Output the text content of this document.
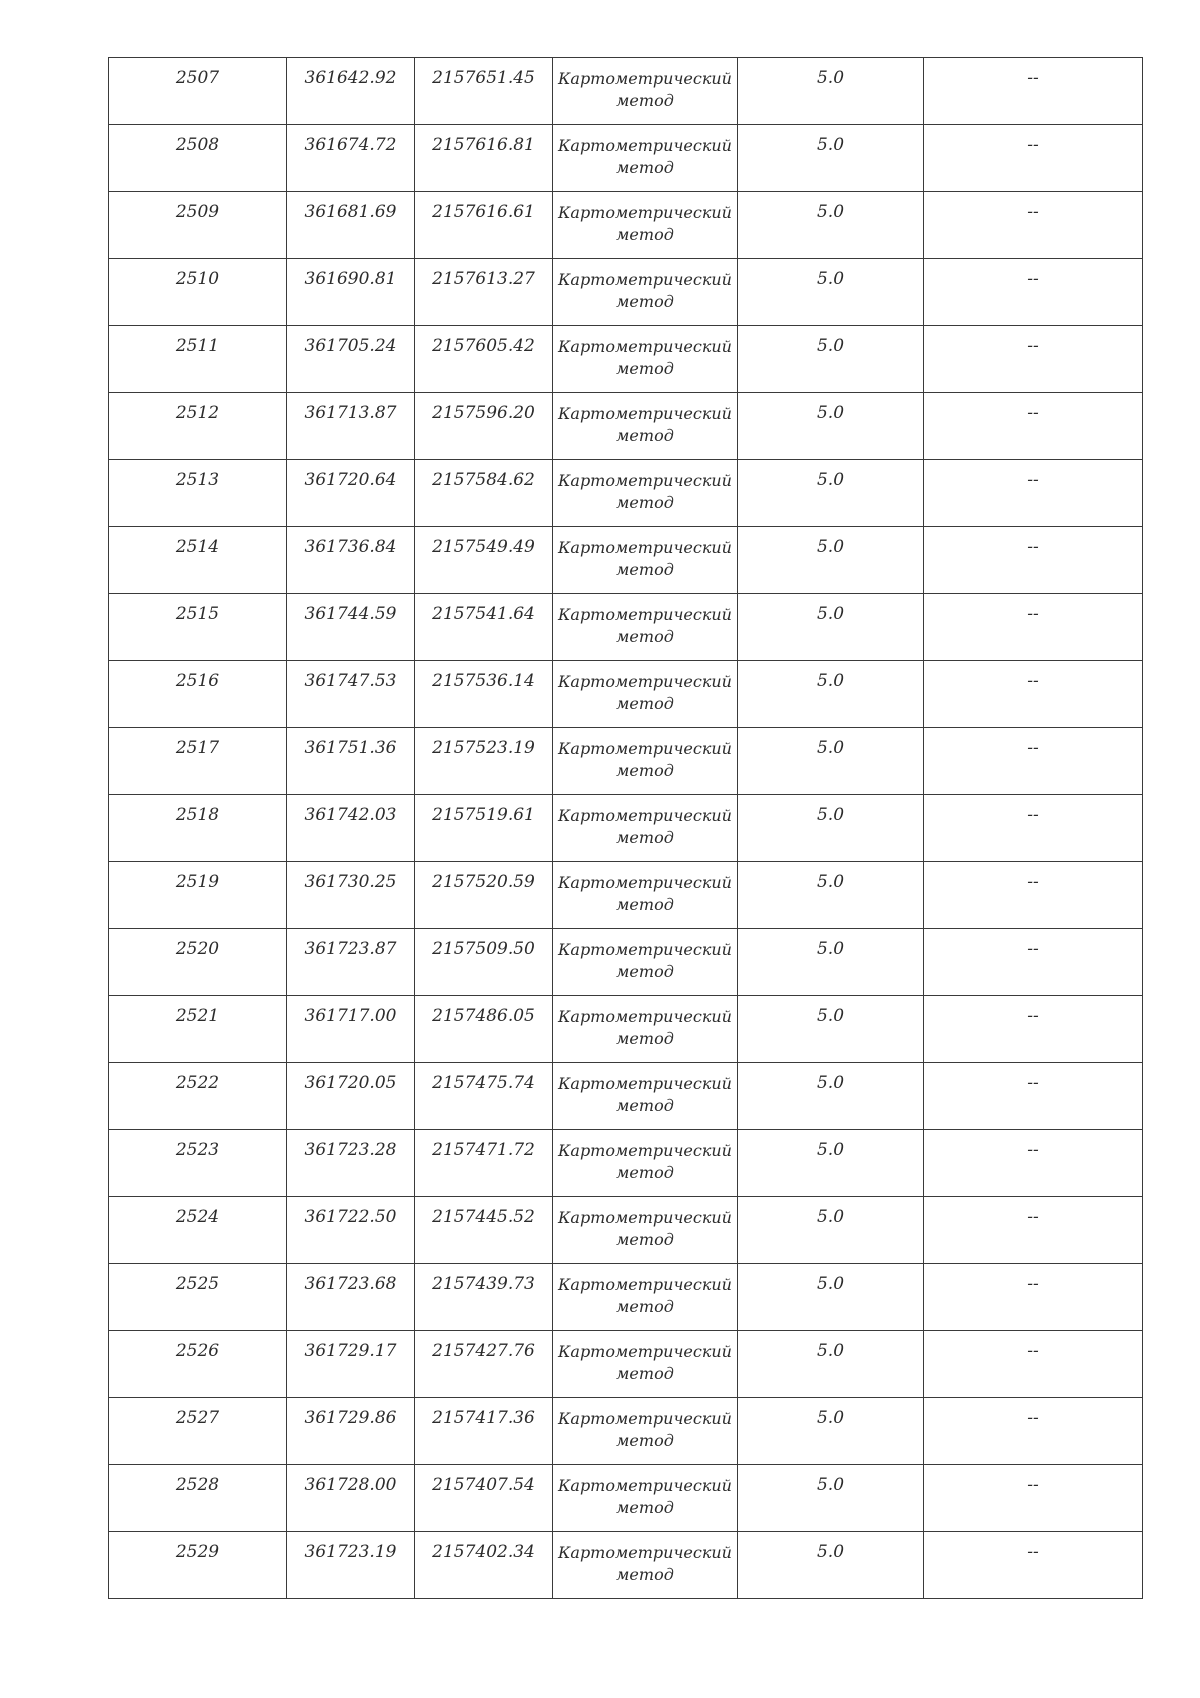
2507	361642.92	2157651.45	Картометрический метод	5.0	--

2508	361674.72	2157616.81	Картометрический метод	5.0	--

2509	361681.69	2157616.61	Картометрический метод	5.0	--

2510	361690.81	2157613.27	Картометрический метод	5.0	--

2511	361705.24	2157605.42	Картометрический метод	5.0	--

2512	361713.87	2157596.20	Картометрический метод	5.0	--

2513	361720.64	2157584.62	Картометрический метод	5.0	--

2514	361736.84	2157549.49	Картометрический метод	5.0	--

2515	361744.59	2157541.64	Картометрический метод	5.0	--

2516	361747.53	2157536.14	Картометрический метод	5.0	--

2517	361751.36	2157523.19	Картометрический метод	5.0	--

2518	361742.03	2157519.61	Картометрический метод	5.0	--

2519	361730.25	2157520.59	Картометрический метод	5.0	--

2520	361723.87	2157509.50	Картометрический метод	5.0	--

2521	361717.00	2157486.05	Картометрический метод	5.0	--

2522	361720.05	2157475.74	Картометрический метод	5.0	--

2523	361723.28	2157471.72	Картометрический метод	5.0	--

2524	361722.50	2157445.52	Картометрический метод	5.0	--

2525	361723.68	2157439.73	Картометрический метод	5.0	--

2526	361729.17	2157427.76	Картометрический метод	5.0	--

2527	361729.86	2157417.36	Картометрический метод	5.0	--

2528	361728.00	2157407.54	Картометрический метод	5.0	--

2529	361723.19	2157402.34	Картометрический метод	5.0	--
